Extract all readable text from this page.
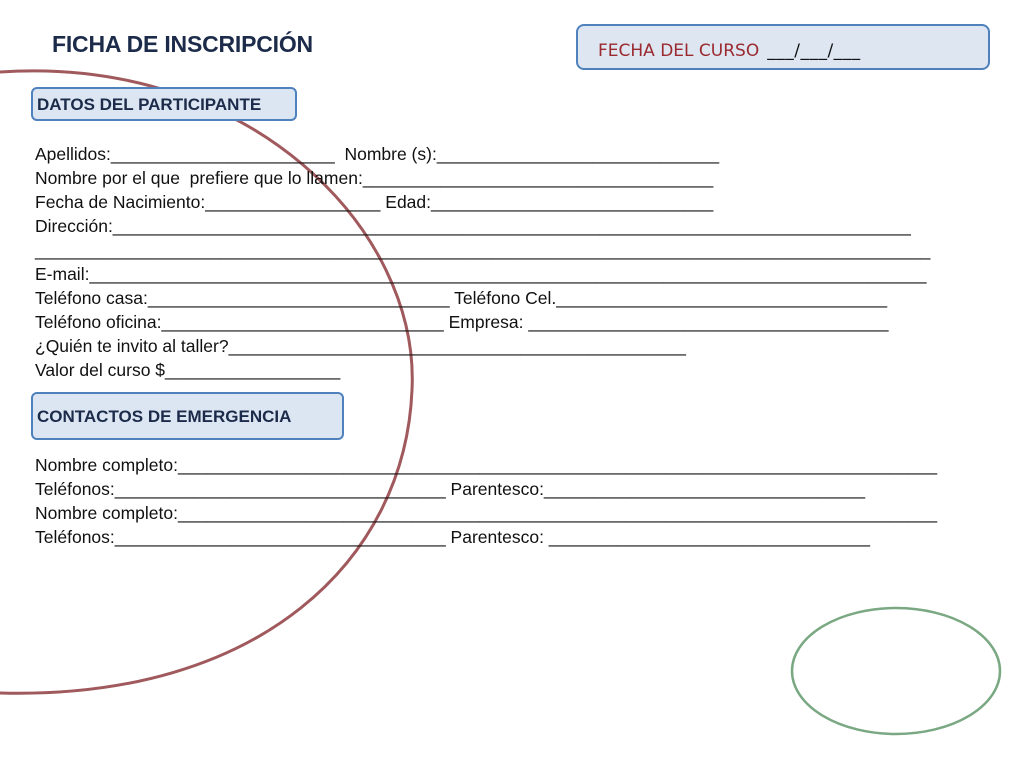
FICHA DE INSCRIPCIÓN	FECHA DEL CURSO ___/___/___
DATOS DEL PARTICIPANTE
Apellidos:_______________________  Nombre (s):_____________________________
Nombre por el que  prefiere que lo llamen:____________________________________
Fecha de Nacimiento:__________________ Edad:_____________________________
Dirección:__________________________________________________________________________________
____________________________________________________________________________________________
E-mail:______________________________________________________________________________________
Teléfono casa:_______________________________ Teléfono Cel.__________________________________
Teléfono oficina:_____________________________ Empresa: _____________________________________
¿Quién te invito al taller?_______________________________________________
Valor del curso $__________________
CONTACTOS DE EMERGENCIA
Nombre completo:______________________________________________________________________________
Teléfonos:__________________________________ Parentesco:_________________________________
Nombre completo:______________________________________________________________________________
Teléfonos:__________________________________ Parentesco: _________________________________
